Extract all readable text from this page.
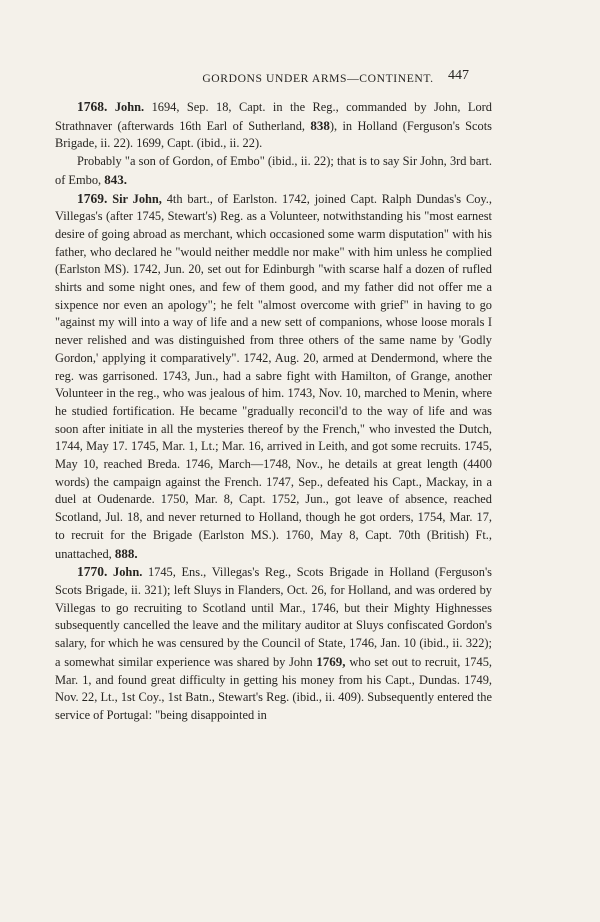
GORDONS UNDER ARMS—CONTINENT.	447

1768. John. 1694, Sep. 18, Capt. in the Reg., commanded by John, Lord Strathnaver (afterwards 16th Earl of Sutherland, 838), in Holland (Ferguson's Scots Brigade, ii. 22). 1699, Capt. (ibid., ii. 22).

Probably "a son of Gordon, of Embo" (ibid., ii. 22); that is to say Sir John, 3rd bart. of Embo, 843.

1769. Sir John, 4th bart., of Earlston. 1742, joined Capt. Ralph Dundas's Coy., Villegas's (after 1745, Stewart's) Reg. as a Volunteer, notwithstanding his "most earnest desire of going abroad as merchant, which occasioned some warm disputation" with his father, who declared he "would neither meddle nor make" with him unless he complied (Earlston MS). 1742, Jun. 20, set out for Edinburgh "with scarse half a dozen of rufled shirts and some night ones, and few of them good, and my father did not offer me a sixpence nor even an apology"; he felt "almost overcome with grief" in having to go "against my will into a way of life and a new sett of companions, whose loose morals I never relished and was distinguished from three others of the same name by 'Godly Gordon,' applying it comparatively". 1742, Aug. 20, armed at Dendermond, where the reg. was garrisoned. 1743, Jun., had a sabre fight with Hamilton, of Grange, another Volunteer in the reg., who was jealous of him. 1743, Nov. 10, marched to Menin, where he studied fortification. He became "gradually reconcil'd to the way of life and was soon after initiate in all the mysteries thereof by the French," who invested the Dutch, 1744, May 17. 1745, Mar. 1, Lt.; Mar. 16, arrived in Leith, and got some recruits. 1745, May 10, reached Breda. 1746, March—1748, Nov., he details at great length (4400 words) the campaign against the French. 1747, Sep., defeated his Capt., Mackay, in a duel at Oudenarde. 1750, Mar. 8, Capt. 1752, Jun., got leave of absence, reached Scotland, Jul. 18, and never returned to Holland, though he got orders, 1754, Mar. 17, to recruit for the Brigade (Earlston MS.). 1760, May 8, Capt. 70th (British) Ft., unattached, 888.

1770. John. 1745, Ens., Villegas's Reg., Scots Brigade in Holland (Ferguson's Scots Brigade, ii. 321); left Sluys in Flanders, Oct. 26, for Holland, and was ordered by Villegas to go recruiting to Scotland until Mar., 1746, but their Mighty Highnesses subsequently cancelled the leave and the military auditor at Sluys confiscated Gordon's salary, for which he was censured by the Council of State, 1746, Jan. 10 (ibid., ii. 322); a somewhat similar experience was shared by John 1769, who set out to recruit, 1745, Mar. 1, and found great difficulty in getting his money from his Capt., Dundas. 1749, Nov. 22, Lt., 1st Coy., 1st Batn., Stewart's Reg. (ibid., ii. 409). Subsequently entered the service of Portugal: "being disappointed in
